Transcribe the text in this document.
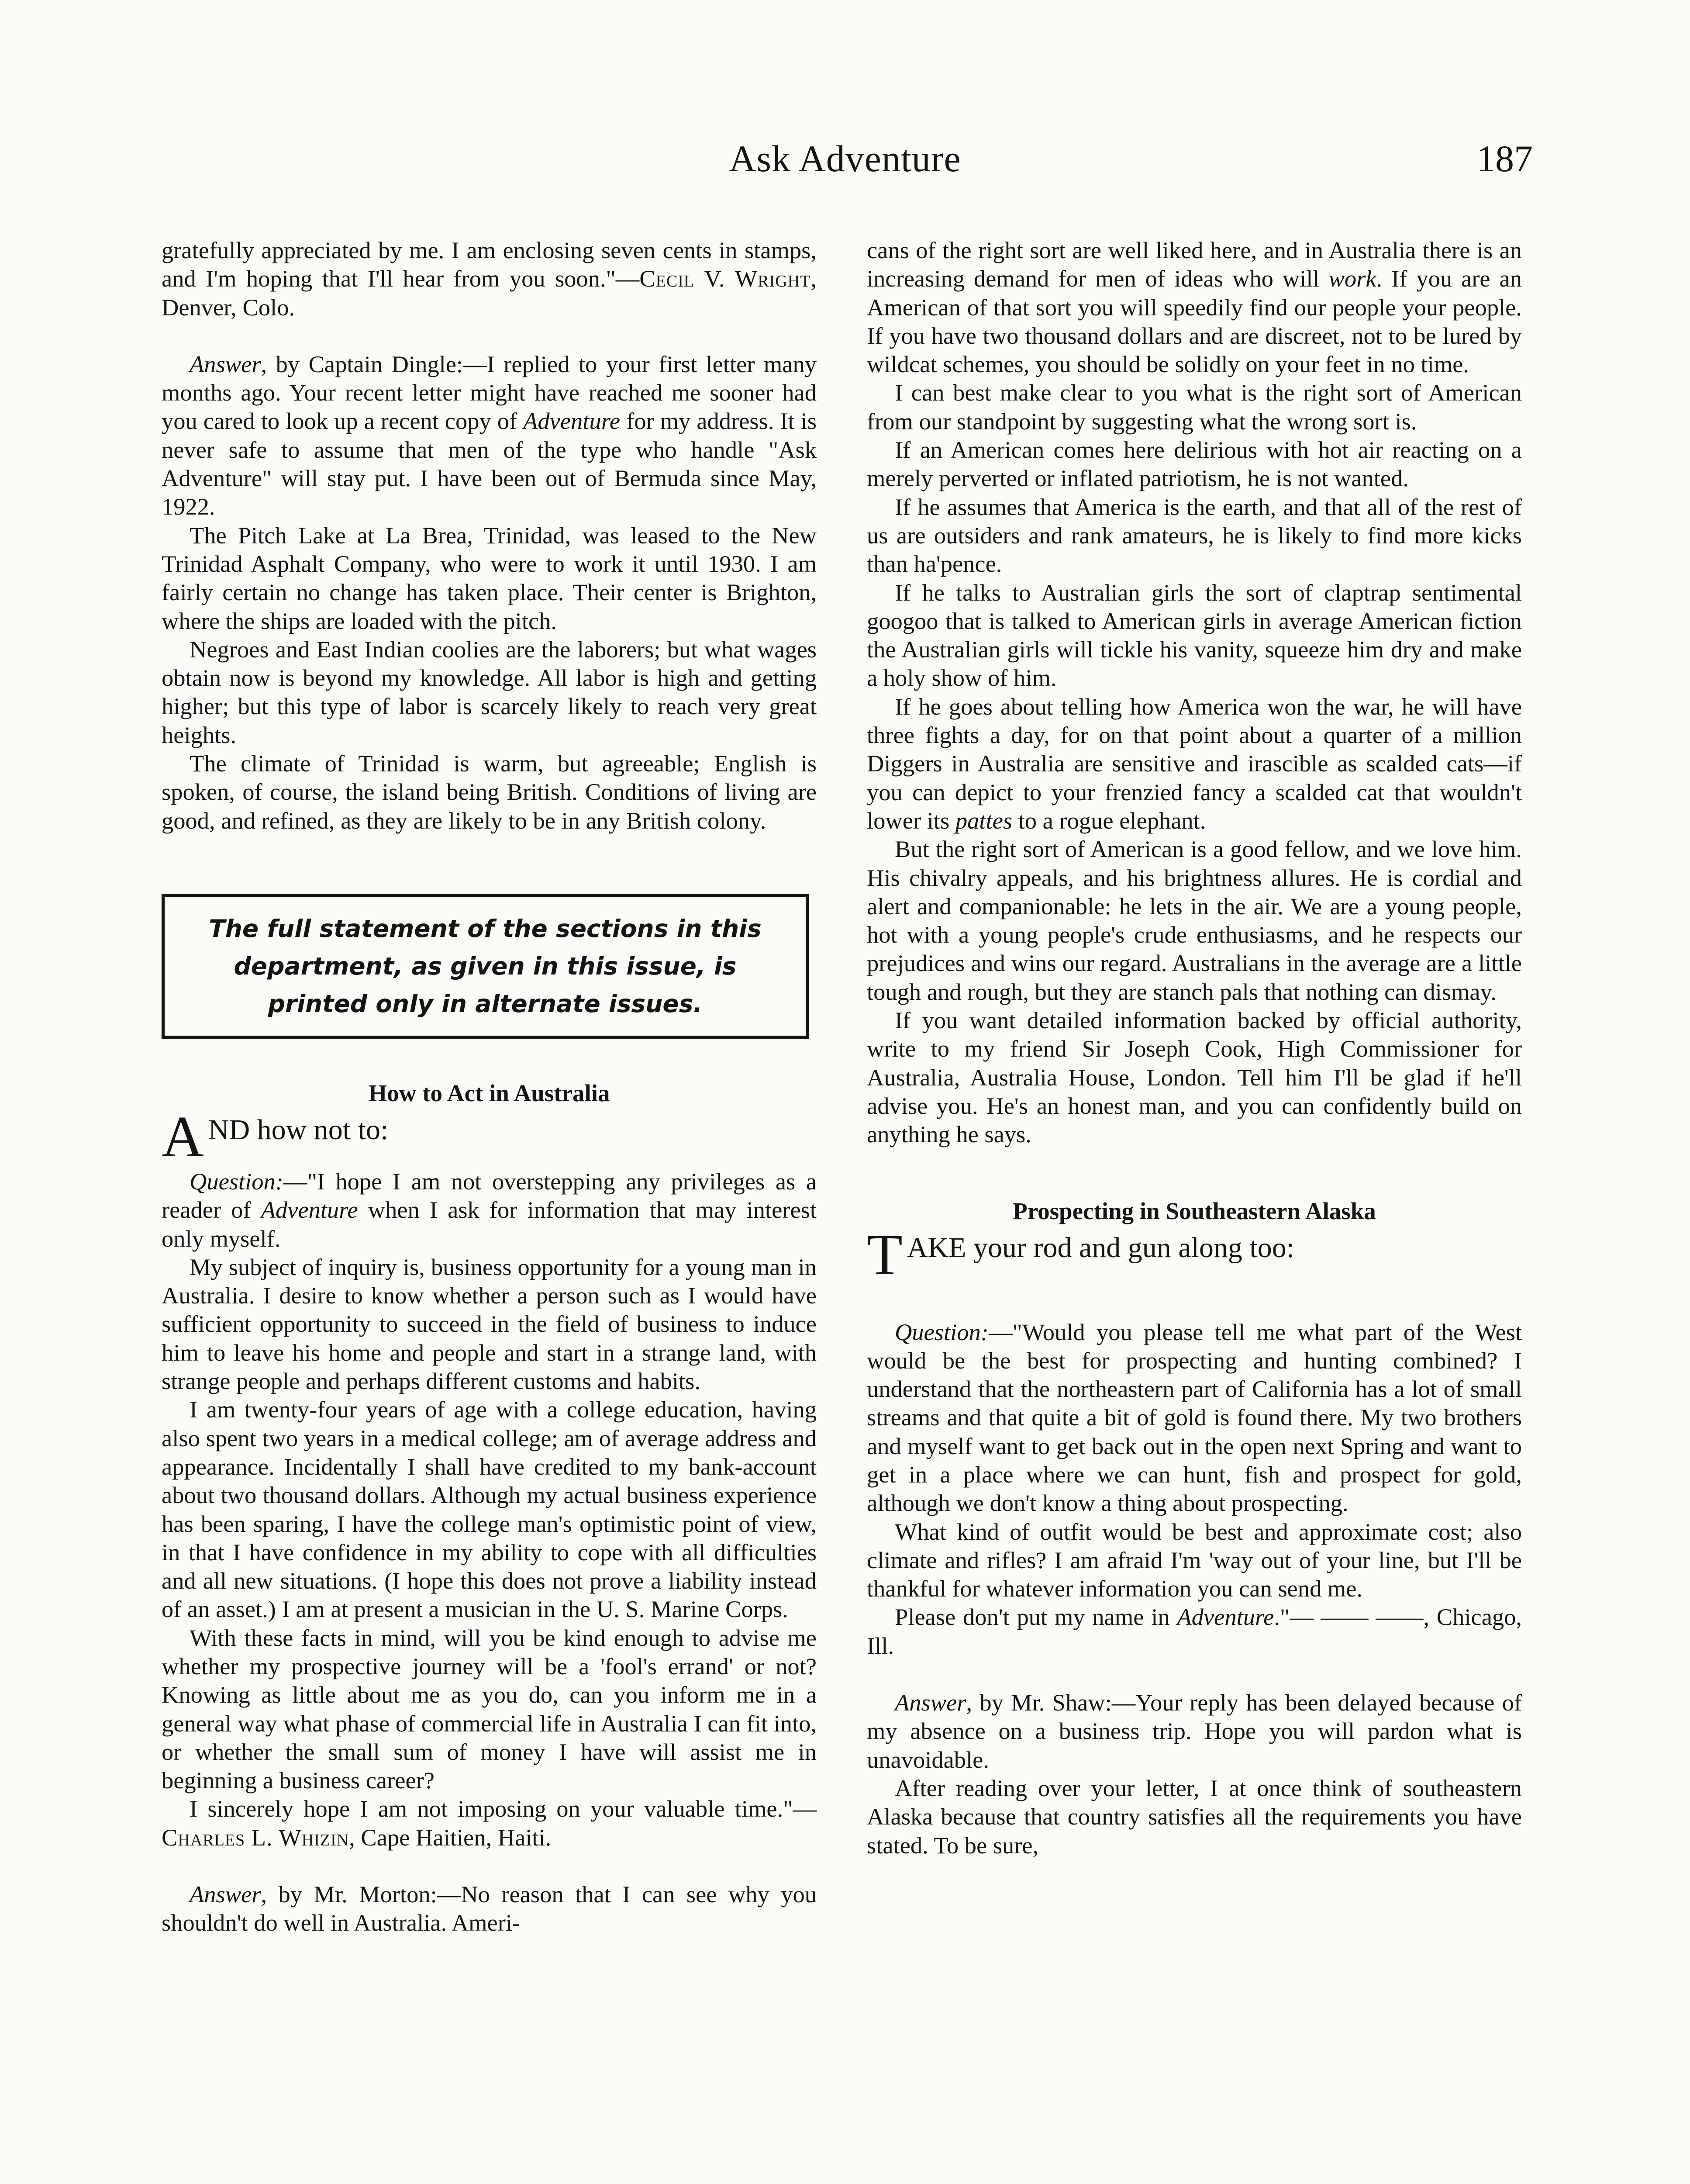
Ask Adventure	187

gratefully appreciated by me. I am enclosing seven cents in stamps, and I'm hoping that I'll hear from you soon."—Cecil V. Wright, Denver, Colo.

Answer, by Captain Dingle:—I replied to your first letter many months ago. Your recent letter might have reached me sooner had you cared to look up a recent copy of Adventure for my address. It is never safe to assume that men of the type who handle "Ask Adventure" will stay put. I have been out of Bermuda since May, 1922.

The Pitch Lake at La Brea, Trinidad, was leased to the New Trinidad Asphalt Company, who were to work it until 1930. I am fairly certain no change has taken place. Their center is Brighton, where the ships are loaded with the pitch.

Negroes and East Indian coolies are the laborers; but what wages obtain now is beyond my knowledge. All labor is high and getting higher; but this type of labor is scarcely likely to reach very great heights.

The climate of Trinidad is warm, but agreeable; English is spoken, of course, the island being British. Conditions of living are good, and refined, as they are likely to be in any British colony.

The full statement of the sections in this department, as given in this issue, is printed only in alternate issues.
How to Act in Australia
A ND how not to:

Question:—"I hope I am not overstepping any privileges as a reader of Adventure when I ask for information that may interest only myself.

My subject of inquiry is, business opportunity for a young man in Australia. I desire to know whether a person such as I would have sufficient opportunity to succeed in the field of business to induce him to leave his home and people and start in a strange land, with strange people and perhaps different customs and habits.

I am twenty-four years of age with a college education, having also spent two years in a medical college; am of average address and appearance. Incidentally I shall have credited to my bank-account about two thousand dollars. Although my actual business experience has been sparing, I have the college man's optimistic point of view, in that I have confidence in my ability to cope with all difficulties and all new situations. (I hope this does not prove a liability instead of an asset.) I am at present a musician in the U. S. Marine Corps.

With these facts in mind, will you be kind enough to advise me whether my prospective journey will be a 'fool's errand' or not? Knowing as little about me as you do, can you inform me in a general way what phase of commercial life in Australia I can fit into, or whether the small sum of money I have will assist me in beginning a business career?

I sincerely hope I am not imposing on your valuable time."—Charles L. Whizin, Cape Haitien, Haiti.

Answer, by Mr. Morton:—No reason that I can see why you shouldn't do well in Australia. Ameri-

cans of the right sort are well liked here, and in Australia there is an increasing demand for men of ideas who will work. If you are an American of that sort you will speedily find our people your people. If you have two thousand dollars and are discreet, not to be lured by wildcat schemes, you should be solidly on your feet in no time.

I can best make clear to you what is the right sort of American from our standpoint by suggesting what the wrong sort is.

If an American comes here delirious with hot air reacting on a merely perverted or inflated patriotism, he is not wanted.

If he assumes that America is the earth, and that all of the rest of us are outsiders and rank amateurs, he is likely to find more kicks than ha'pence.

If he talks to Australian girls the sort of claptrap sentimental googoo that is talked to American girls in average American fiction the Australian girls will tickle his vanity, squeeze him dry and make a holy show of him.

If he goes about telling how America won the war, he will have three fights a day, for on that point about a quarter of a million Diggers in Australia are sensitive and irascible as scalded cats—if you can depict to your frenzied fancy a scalded cat that wouldn't lower its pattes to a rogue elephant.

But the right sort of American is a good fellow, and we love him. His chivalry appeals, and his brightness allures. He is cordial and alert and companionable: he lets in the air. We are a young people, hot with a young people's crude enthusiasms, and he respects our prejudices and wins our regard. Australians in the average are a little tough and rough, but they are stanch pals that nothing can dismay.

If you want detailed information backed by official authority, write to my friend Sir Joseph Cook, High Commissioner for Australia, Australia House, London. Tell him I'll be glad if he'll advise you. He's an honest man, and you can confidently build on anything he says.

Prospecting in Southeastern Alaska
T AKE your rod and gun along too:

Question:—"Would you please tell me what part of the West would be the best for prospecting and hunting combined? I understand that the northeastern part of California has a lot of small streams and that quite a bit of gold is found there. My two brothers and myself want to get back out in the open next Spring and want to get in a place where we can hunt, fish and prospect for gold, although we don't know a thing about prospecting.

What kind of outfit would be best and approximate cost; also climate and rifles? I am afraid I'm 'way out of your line, but I'll be thankful for whatever information you can send me.

Please don't put my name in Adventure."— —— ——, Chicago, Ill.

Answer, by Mr. Shaw:—Your reply has been delayed because of my absence on a business trip. Hope you will pardon what is unavoidable.

After reading over your letter, I at once think of southeastern Alaska because that country satisfies all the requirements you have stated. To be sure,
